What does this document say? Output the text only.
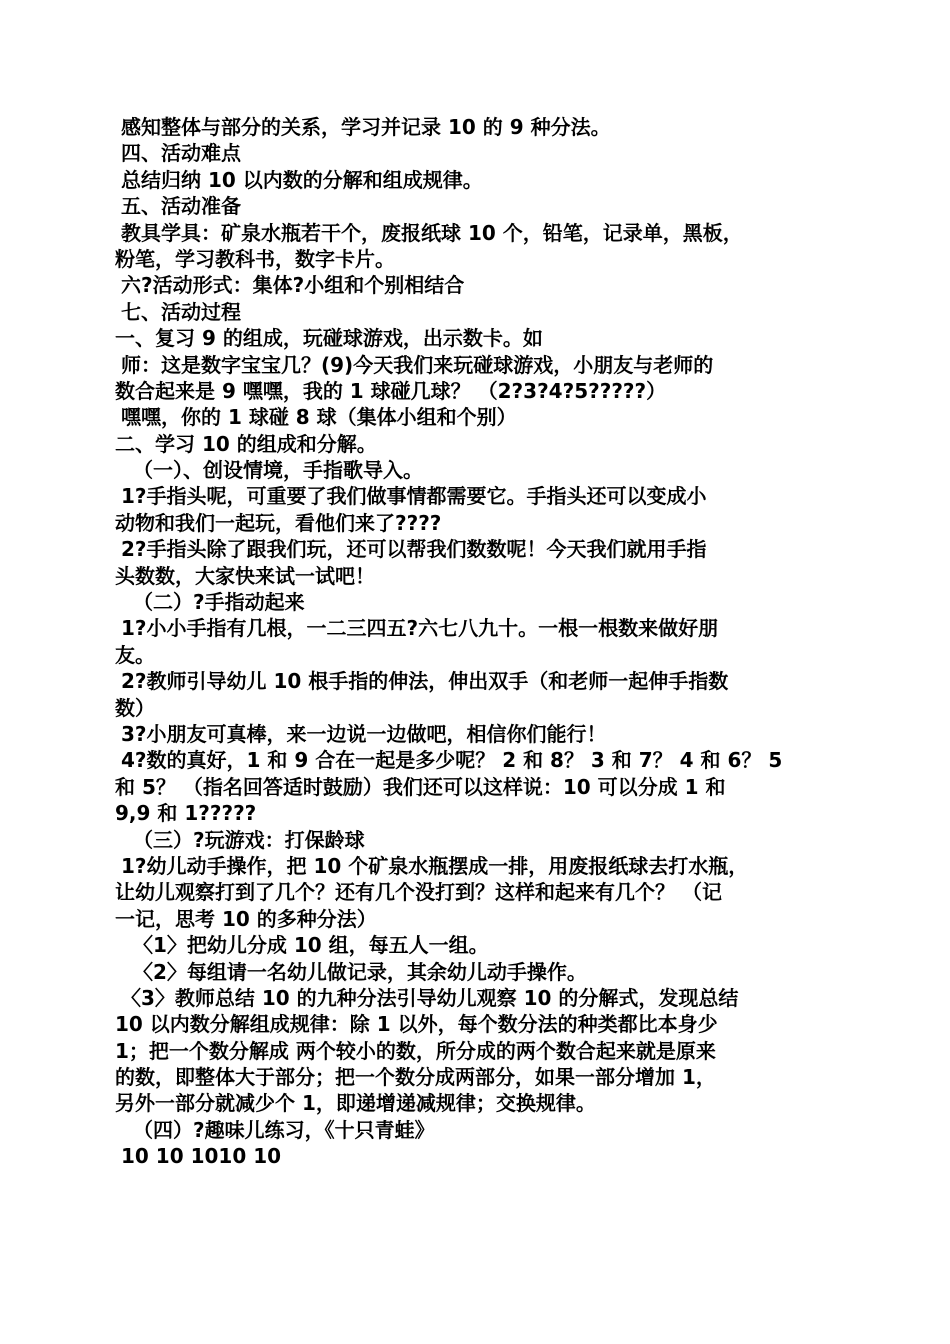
感知整体与部分的关系，学习并记录 10 的 9 种分法。
四、活动难点
总结归纳 10 以内数的分解和组成规律。
五、活动准备
教具学具：矿泉水瓶若干个，废报纸球 10 个，铅笔，记录单，黑板，
粉笔，学习教科书，数字卡片。
六?活动形式：集体?小组和个别相结合
七、活动过程
一、复习 9 的组成，玩碰球游戏，出示数卡。如
师：这是数字宝宝几？(9)今天我们来玩碰球游戏，小朋友与老师的
数合起来是 9 嘿嘿，我的 1 球碰几球？ （2?3?4?5?????）
嘿嘿，你的 1 球碰 8 球（集体小组和个别）
二、学习 10 的组成和分解。
（一）、创设情境，手指歌导入。
1?手指头呢，可重要了我们做事情都需要它。手指头还可以变成小
动物和我们一起玩，看他们来了????
2?手指头除了跟我们玩，还可以帮我们数数呢！今天我们就用手指
头数数，大家快来试一试吧！
（二）?手指动起来
1?小小手指有几根，一二三四五?六七八九十。一根一根数来做好朋
友。
2?教师引导幼儿 10 根手指的伸法，伸出双手（和老师一起伸手指数
数）
3?小朋友可真棒，来一边说一边做吧，相信你们能行！
4?数的真好，1 和 9 合在一起是多少呢？ 2 和 8？ 3 和 7？ 4 和 6？ 5
和 5？ （指名回答适时鼓励）我们还可以这样说：10 可以分成 1 和
9,9 和 1?????
（三）?玩游戏：打保龄球
1?幼儿动手操作，把 10 个矿泉水瓶摆成一排，用废报纸球去打水瓶，
让幼儿观察打到了几个？还有几个没打到？这样和起来有几个？ （记
一记，思考 10 的多种分法）
〈1〉把幼儿分成 10 组，每五人一组。
〈2〉每组请一名幼儿做记录，其余幼儿动手操作。
〈3〉教师总结 10 的九种分法引导幼儿观察 10 的分解式，发现总结
10 以内数分解组成规律：除 1 以外，每个数分法的种类都比本身少
1；把一个数分解成 两个较小的数，所分成的两个数合起来就是原来
的数，即整体大于部分；把一个数分成两部分，如果一部分增加 1，
另外一部分就减少个 1，即递增递减规律；交换规律。
（四）?趣味儿练习，《十只青蛙》
10 10 1010 10
